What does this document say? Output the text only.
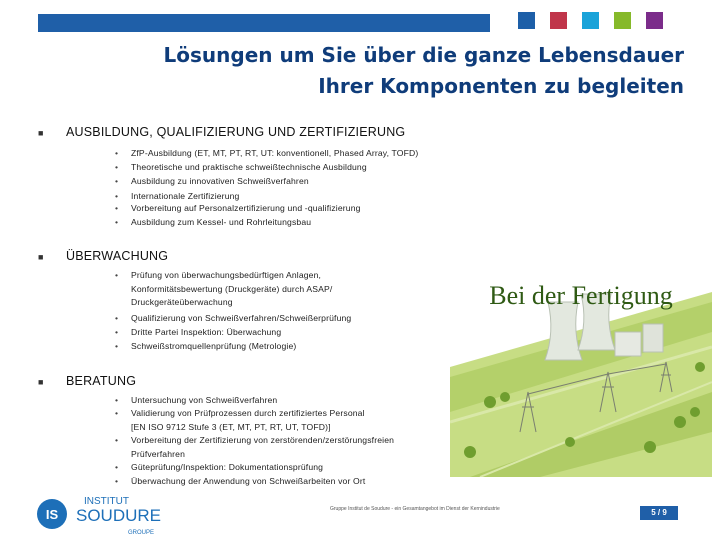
Lösungen um Sie über die ganze Lebensdauer
Ihrer Komponenten zu begleiten
■ AUSBILDUNG, QUALIFIZIERUNG UND ZERTIFIZIERUNG
• ZfP-Ausbildung (ET, MT, PT, RT, UT: konventionell, Phased Array, TOFD)
• Theoretische und praktische schweißtechnische Ausbildung
• Ausbildung zu innovativen Schweißverfahren
• Internationale Zertifizierung
• Vorbereitung auf Personalzertifizierung und -qualifizierung
• Ausbildung zum Kessel- und Rohrleitungsbau
■ ÜBERWACHUNG
• Prüfung von überwachungsbedürftigen Anlagen,
Konformitätsbewertung (Druckgeräte) durch ASAP/
Druckgeräteüberwachung
• Qualifizierung von Schweißverfahren/Schweißerprüfung
• Dritte Partei Inspektion: Überwachung
• Schweißstromquellenprüfung (Metrologie)
■ BERATUNG
• Untersuchung von Schweißverfahren
• Validierung von Prüfprozessen durch zertifiziertes Personal
[EN ISO 9712 Stufe 3 (ET, MT, PT, RT, UT, TOFD)]
• Vorbereitung der Zertifizierung von zerstörenden/zerstörungsfreien
Prüfverfahren
• Güteprüfung/Inspektion: Dokumentationsprüfung
• Überwachung der Anwendung von Schweißarbeiten vor Ort
Bei der Fertigung
IS
INSTITUT
SOUDURE
GROUPE
Gruppe Institut de Soudure - ein Gesamtangebot im Dienst der Kernindustrie	5 / 9
